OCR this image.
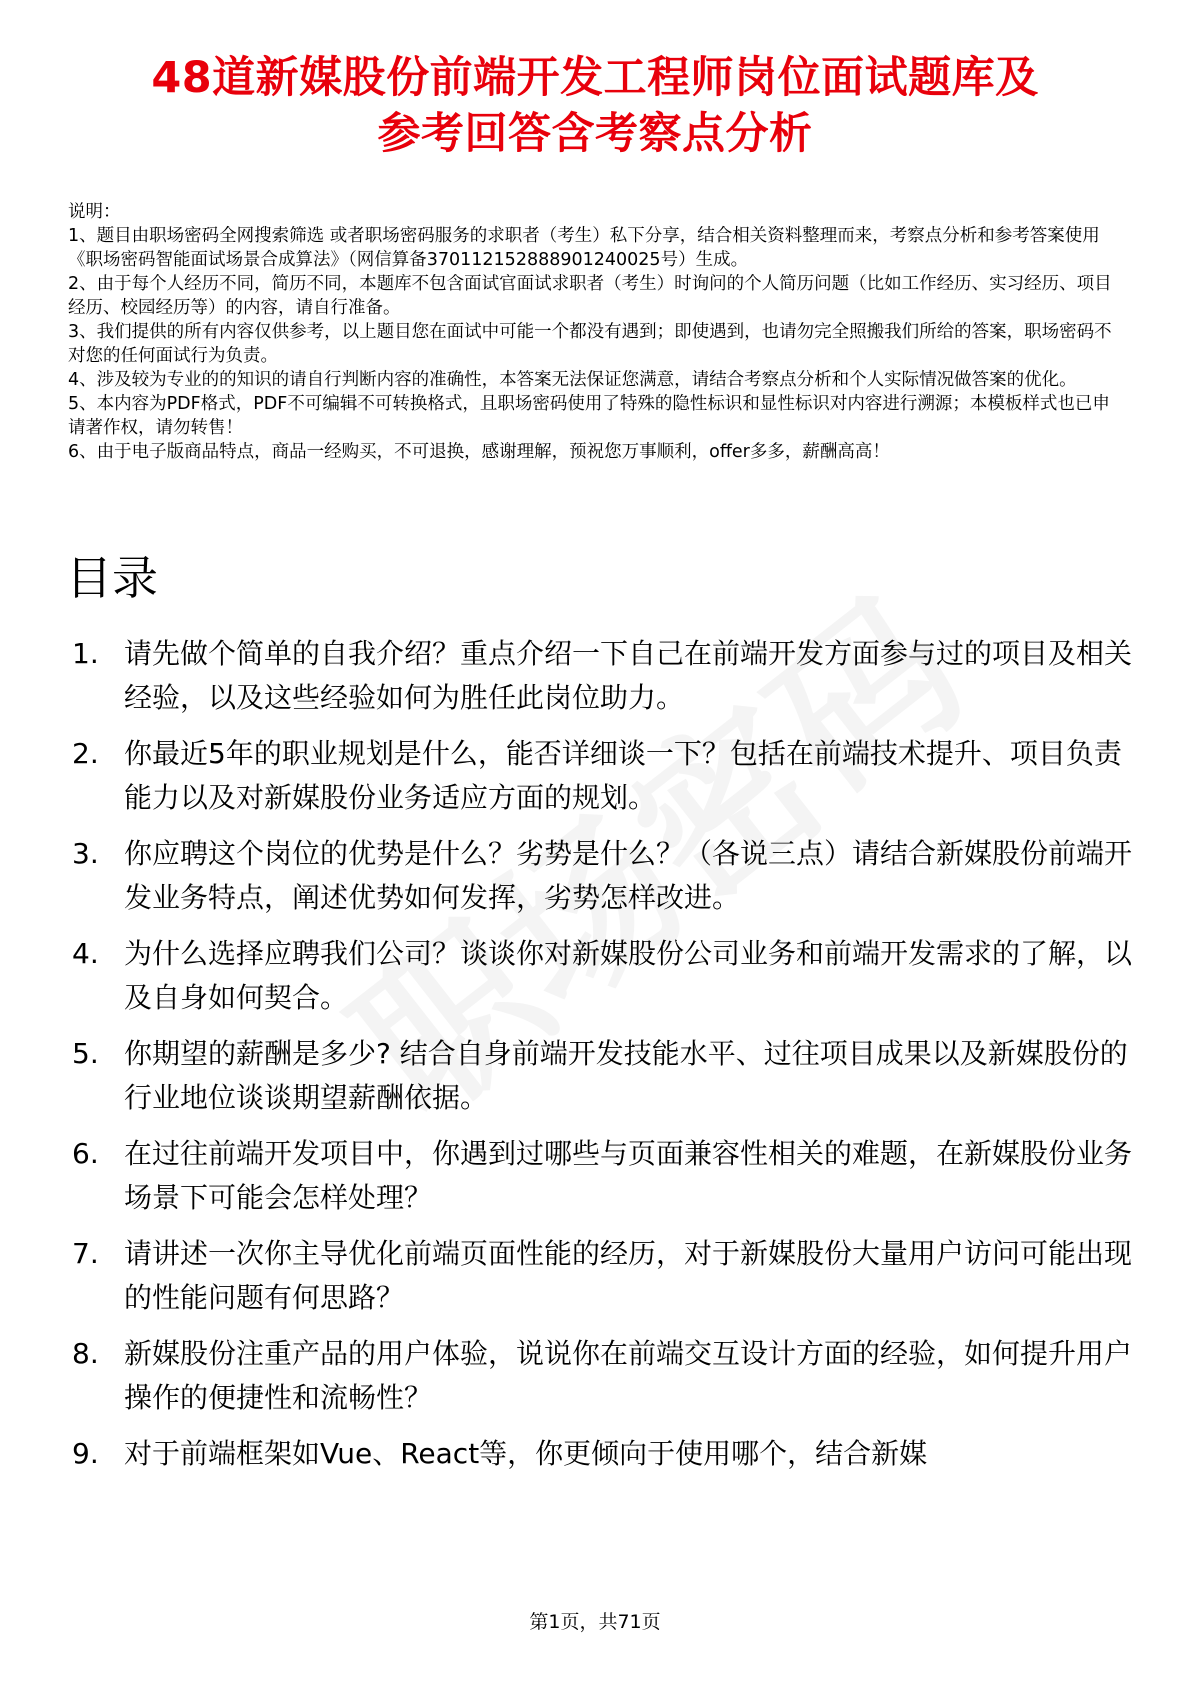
48道新媒股份前端开发工程师岗位面试题库及
参考回答含考察点分析

说明：

1、题目由职场密码全网搜索筛选 或者职场密码服务的求职者（考生）私下分享，结合相关资料整理而来，考察点分析和参考答案使用《职场密码智能面试场景合成算法》（网信算备370112152888901240025号）生成。

2、由于每个人经历不同，简历不同，本题库不包含面试官面试求职者（考生）时询问的个人简历问题（比如工作经历、实习经历、项目经历、校园经历等）的内容，请自行准备。

3、我们提供的所有内容仅供参考，以上题目您在面试中可能一个都没有遇到；即使遇到，也请勿完全照搬我们所给的答案，职场密码不对您的任何面试行为负责。

4、涉及较为专业的的知识的请自行判断内容的准确性，本答案无法保证您满意，请结合考察点分析和个人实际情况做答案的优化。

5、本内容为PDF格式，PDF不可编辑不可转换格式，且职场密码使用了特殊的隐性标识和显性标识对内容进行溯源；本模板样式也已申请著作权，请勿转售！

6、由于电子版商品特点，商品一经购买，不可退换，感谢理解，预祝您万事顺利，offer多多，薪酬高高！

目录
1. 请先做个简单的自我介绍？重点介绍一下自己在前端开发方面参与过的项目及相关经验，以及这些经验如何为胜任此岗位助力。
2. 你最近5年的职业规划是什么，能否详细谈一下？包括在前端技术提升、项目负责能力以及对新媒股份业务适应方面的规划。
3. 你应聘这个岗位的优势是什么？劣势是什么？（各说三点）请结合新媒股份前端开发业务特点，阐述优势如何发挥，劣势怎样改进。
4. 为什么选择应聘我们公司？谈谈你对新媒股份公司业务和前端开发需求的了解，以及自身如何契合。
5. 你期望的薪酬是多少? 结合自身前端开发技能水平、过往项目成果以及新媒股份的行业地位谈谈期望薪酬依据。
6. 在过往前端开发项目中，你遇到过哪些与页面兼容性相关的难题，在新媒股份业务场景下可能会怎样处理？
7. 请讲述一次你主导优化前端页面性能的经历，对于新媒股份大量用户访问可能出现的性能问题有何思路？
8. 新媒股份注重产品的用户体验，说说你在前端交互设计方面的经验，如何提升用户操作的便捷性和流畅性？
9. 对于前端框架如Vue、React等，你更倾向于使用哪个，结合新媒
第1页，共71页
